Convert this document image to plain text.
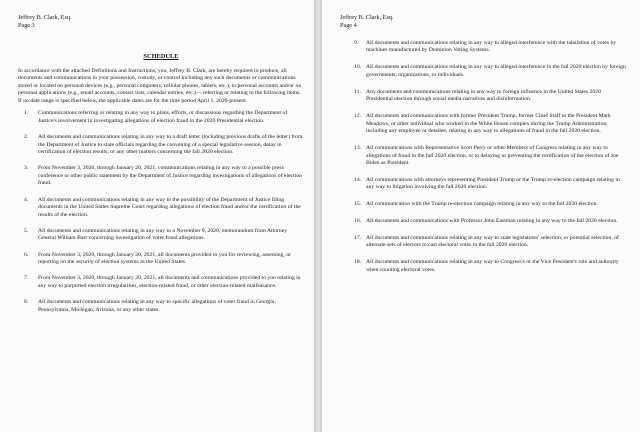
Jeffrey B. Clark, Esq.
Page 3
SCHEDULE

In accordance with the attached Definitions and Instructions, you, Jeffrey B. Clark, are hereby required to produce, all documents and communications in your possession, custody, or control including any such documents or communications stored or located on personal devices (e.g., personal computers, cellular phones, tablets, etc.), in personal accounts and/or on personal applications (e.g., email accounts, contact lists, calendar entries, etc.)— referring or relating to the following items. If no date range is specified below, the applicable dates are for the time period April 1, 2020-present.

1.	Communications referring or relating in any way to plans, efforts, or discussions regarding the Department of Justice's involvement in investigating allegations of election fraud in the 2020 Presidential election.
2.	All documents and communications relating in any way to a draft letter (including previous drafts of the letter) from the Department of Justice to state officials regarding the convening of a special legislative session, delay in certification of election results, or any other matters concerning the fall 2020 election.
3.	From November 3, 2020, through January 20, 2021, communications relating in any way to a possible press conference or other public statement by the Department of Justice regarding investigations of allegations of election fraud.
4.	All documents and communications relating in any way to the possibility of the Department of Justice filing documents in the United States Supreme Court regarding allegations of election fraud and/or the certification of the results of the election.
5.	All documents and communications relating in any way to a November 9, 2020, memorandum from Attorney General William Barr concerning investigation of voter fraud allegations.
6.	From November 3, 2020, through January 20, 2021, all documents provided to you for reviewing, assessing, or reporting on the security of election systems in the United States.
7.	From November 3, 2020, through January 20, 2021, all documents and communications provided to you relating in any way to purported election irregularities, election-related fraud, or other election-related malfeasance.
8.	All documents and communications relating in any way to specific allegations of voter fraud in Georgia, Pennsylvania, Michigan, Arizona, or any other states.
Jeffrey B. Clark, Esq.
Page 4
9.	All documents and communications relating in any way to alleged interference with the tabulation of votes by machines manufactured by Dominion Voting Systems.
10. All documents and communications relating in any way to alleged interference in the fall 2020 election by foreign governments, organizations, or individuals.
11. Any documents and communications relating in any way to foreign influence in the United States 2020 Presidential election through social media narratives and disinformation.
12. All documents and communications with former President Trump, former Chief Staff to the President Mark Meadows, or other individual who worked in the White House complex during the Trump Administration, including any employee or detailee, relating in any way to allegations of fraud in the fall 2020 election.
13. All communications with Representative Scott Perry or other Members of Congress relating in any way to allegations of fraud in the fall 2020 election, or to delaying or preventing the certification of the election of Joe Biden as President.
14. All communications with attorneys representing President Trump or the Trump re-election campaign relating in any way to litigation involving the fall 2020 election.
15. All communication with the Trump re-election campaign relating in any way to the fall 2020 election.
16. All documents and communications with Professor John Eastman relating in any way to the fall 2020 election.
17. All documents and communications relating in any way to state legislatures' selection, or potential selection, of alternate sets of electors to cast electoral votes in the fall 2020 election.
18. All documents and communications relating in any way to Congress's or the Vice President's role and authority when counting electoral votes.
